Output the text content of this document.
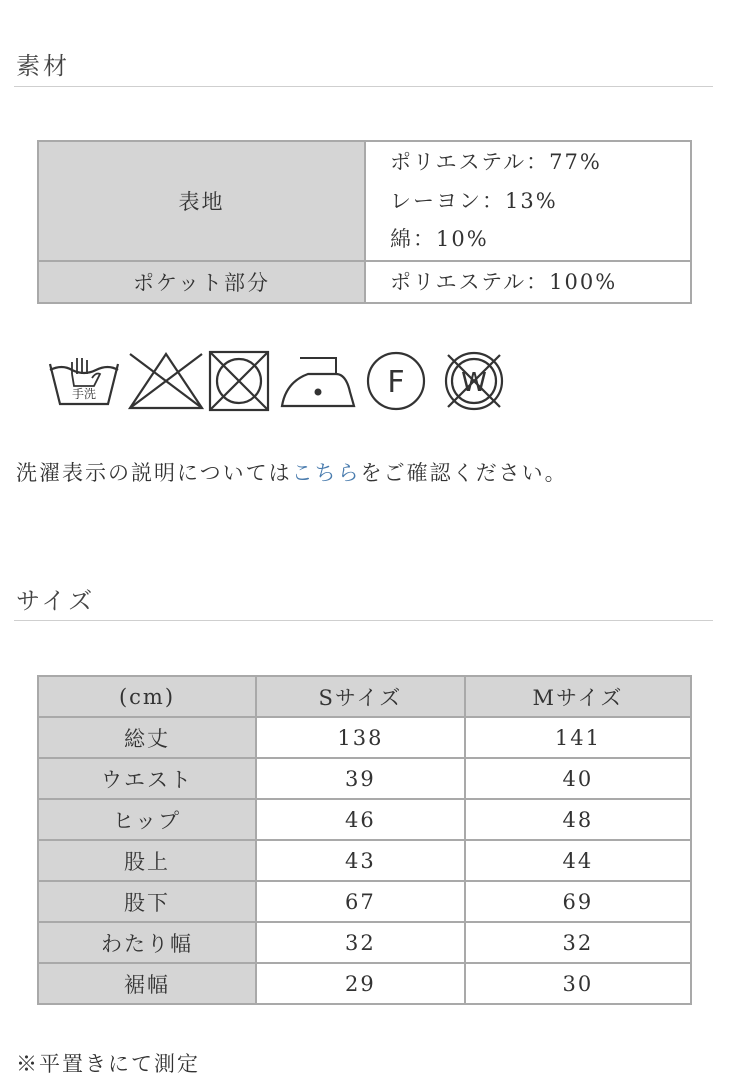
素材
表地	ポリエステル：77%
レーヨン：13%
綿：10%

ポケット部分	ポリエステル：100%
手洗	F W
洗濯表示の説明についてはこちらをご確認ください。
サイズ
(cm)	Sサイズ	Mサイズ
総丈	138	141
ウエスト	39	40
ヒップ	46	48
股上	43	44
股下	67	69
わたり幅	32	32
裾幅	29	30
※平置きにて測定
